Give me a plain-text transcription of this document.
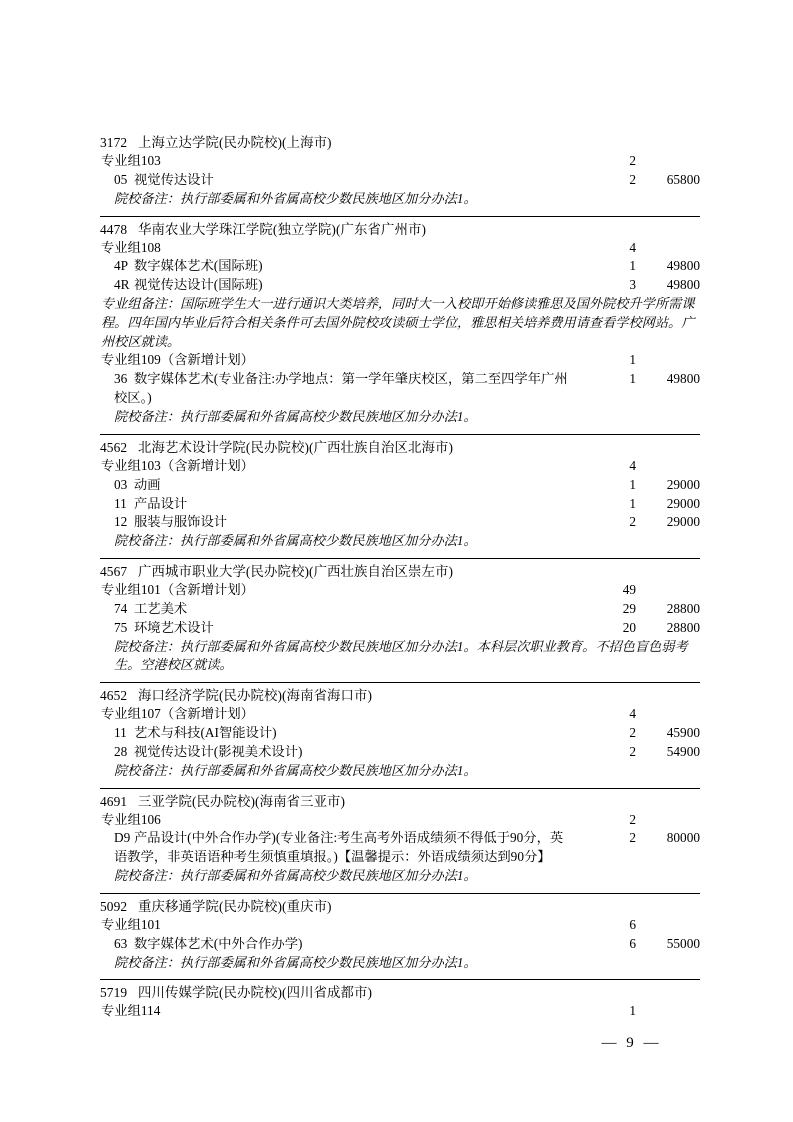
3172 上海立达学院(民办院校)(上海市)
专业组103	2
05 视觉传达设计	2	65800
院校备注：执行部委属和外省属高校少数民族地区加分办法1。
4478 华南农业大学珠江学院(独立学院)(广东省广州市)
专业组108	4
4P 数字媒体艺术(国际班)	1	49800
4R 视觉传达设计(国际班)	3	49800
专业组备注：国际班学生大一进行通识大类培养，同时大一入校即开始修读雅思及国外院校升学所需课程。四年国内毕业后符合相关条件可去国外院校攻读硕士学位，雅思相关培养费用请查看学校网站。广州校区就读。
专业组109（含新增计划）	1
36 数字媒体艺术(专业备注:办学地点：第一学年肇庆校区，第二至四学年广州校区。)
1	49800
院校备注：执行部委属和外省属高校少数民族地区加分办法1。
4562 北海艺术设计学院(民办院校)(广西壮族自治区北海市)
专业组103（含新增计划）	4
03 动画	1	29000
11 产品设计	1	29000
12 服装与服饰设计	2	29000
院校备注：执行部委属和外省属高校少数民族地区加分办法1。
4567 广西城市职业大学(民办院校)(广西壮族自治区崇左市)
专业组101（含新增计划）	49
74 工艺美术	29	28800
75 环境艺术设计	20	28800
院校备注：执行部委属和外省属高校少数民族地区加分办法1。本科层次职业教育。不招色盲色弱考生。空港校区就读。
4652 海口经济学院(民办院校)(海南省海口市)
专业组107（含新增计划）	4
11 艺术与科技(AI智能设计)	2	45900
28 视觉传达设计(影视美术设计)	2	54900
院校备注：执行部委属和外省属高校少数民族地区加分办法1。
4691 三亚学院(民办院校)(海南省三亚市)
专业组106	2
D9 产品设计(中外合作办学)(专业备注:考生高考外语成绩须不得低于90分，英语教学，非英语语种考生须慎重填报。)【温馨提示：外语成绩须达到90分】
2	80000
院校备注：执行部委属和外省属高校少数民族地区加分办法1。
5092 重庆移通学院(民办院校)(重庆市)
专业组101	6
63 数字媒体艺术(中外合作办学)	6	55000
院校备注：执行部委属和外省属高校少数民族地区加分办法1。
5719 四川传媒学院(民办院校)(四川省成都市)
专业组114	1
— 9 —
